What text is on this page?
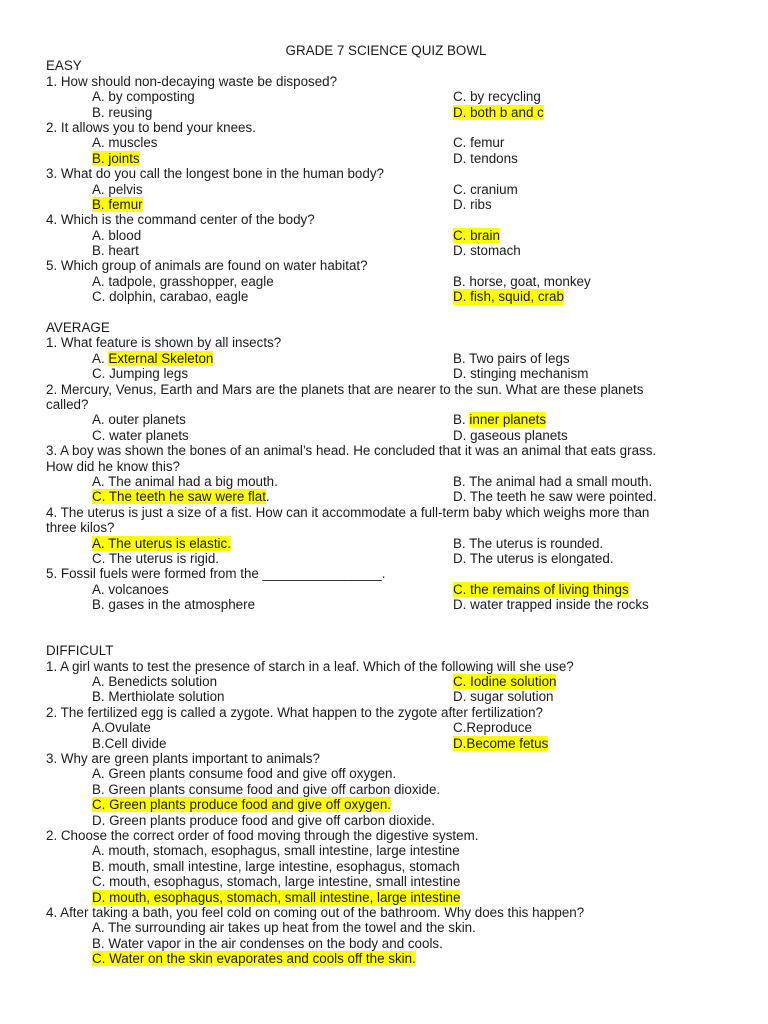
GRADE 7 SCIENCE QUIZ BOWL
EASY
1. How should non-decaying waste be disposed?
A. by composting	C. by recycling
B. reusing	D. both b and c
2. It allows you to bend your knees.
A. muscles	C. femur
B. joints	D. tendons
3. What do you call the longest bone in the human body?
A. pelvis	C. cranium
B. femur	D. ribs
4. Which is the command center of the body?
A. blood	C. brain
B. heart	D. stomach
5. Which group of animals are found on water habitat?
A. tadpole, grasshopper, eagle	B. horse, goat, monkey
C. dolphin, carabao, eagle	D. fish, squid, crab
AVERAGE
1. What feature is shown by all insects?
A. External Skeleton	B. Two pairs of legs
C. Jumping legs	D. stinging mechanism
2. Mercury, Venus, Earth and Mars are the planets that are nearer to the sun. What are these planets
called?
A. outer planets	B. inner planets
C. water planets	D. gaseous planets
3. A boy was shown the bones of an animal’s head. He concluded that it was an animal that eats grass.
How did he know this?
A. The animal had a big mouth.	B. The animal had a small mouth.
C. The teeth he saw were flat.	D. The teeth he saw were pointed.
4. The uterus is just a size of a fist. How can it accommodate a full-term baby which weighs more than
three kilos?
A. The uterus is elastic.	B. The uterus is rounded.
C. The uterus is rigid.	D. The uterus is elongated.
5. Fossil fuels were formed from the ________________.
A. volcanoes	C. the remains of living things
B. gases in the atmosphere	D. water trapped inside the rocks
DIFFICULT
1. A girl wants to test the presence of starch in a leaf. Which of the following will she use?
A. Benedicts solution	C. Iodine solution
B. Merthiolate solution	D. sugar solution
2. The fertilized egg is called a zygote. What happen to the zygote after fertilization?
A.Ovulate	C.Reproduce
B.Cell divide	D.Become fetus
3. Why are green plants important to animals?
A. Green plants consume food and give off oxygen.
B. Green plants consume food and give off carbon dioxide.
C. Green plants produce food and give off oxygen.
D. Green plants produce food and give off carbon dioxide.
2. Choose the correct order of food moving through the digestive system.
A. mouth, stomach, esophagus, small intestine, large intestine
B. mouth, small intestine, large intestine, esophagus, stomach
C. mouth, esophagus, stomach, large intestine, small intestine
D. mouth, esophagus, stomach, small intestine, large intestine
4. After taking a bath, you feel cold on coming out of the bathroom. Why does this happen?
A. The surrounding air takes up heat from the towel and the skin.
B. Water vapor in the air condenses on the body and cools.
C. Water on the skin evaporates and cools off the skin.
